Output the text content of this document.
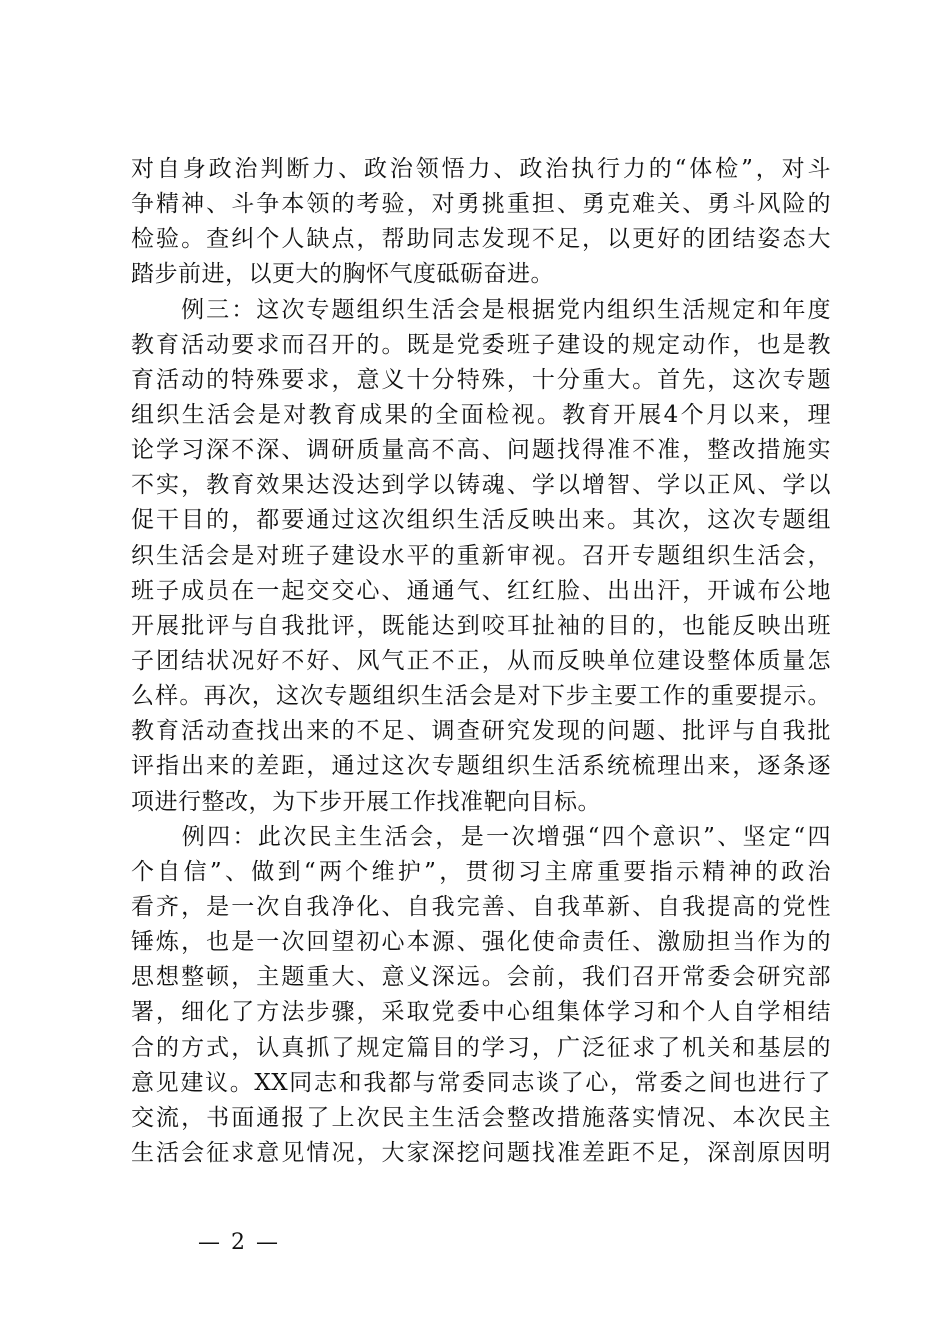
对自身政治判断力、政治领悟力、政治执行力的“体检”，对斗
争精神、斗争本领的考验，对勇挑重担、勇克难关、勇斗风险的
检验。查纠个人缺点，帮助同志发现不足，以更好的团结姿态大
踏步前进，以更大的胸怀气度砥砺奋进。
　　例三：这次专题组织生活会是根据党内组织生活规定和年度
教育活动要求而召开的。既是党委班子建设的规定动作，也是教
育活动的特殊要求，意义十分特殊，十分重大。首先，这次专题
组织生活会是对教育成果的全面检视。教育开展4个月以来，理
论学习深不深、调研质量高不高、问题找得准不准，整改措施实
不实，教育效果达没达到学以铸魂、学以增智、学以正风、学以
促干目的，都要通过这次组织生活反映出来。其次，这次专题组
织生活会是对班子建设水平的重新审视。召开专题组织生活会，
班子成员在一起交交心、通通气、红红脸、出出汗，开诚布公地
开展批评与自我批评，既能达到咬耳扯袖的目的，也能反映出班
子团结状况好不好、风气正不正，从而反映单位建设整体质量怎
么样。再次，这次专题组织生活会是对下步主要工作的重要提示。
教育活动查找出来的不足、调查研究发现的问题、批评与自我批
评指出来的差距，通过这次专题组织生活系统梳理出来，逐条逐
项进行整改，为下步开展工作找准靶向目标。
　　例四：此次民主生活会，是一次增强“四个意识”、坚定“四
个自信”、做到“两个维护”，贯彻习主席重要指示精神的政治
看齐，是一次自我净化、自我完善、自我革新、自我提高的党性
锤炼，也是一次回望初心本源、强化使命责任、激励担当作为的
思想整顿，主题重大、意义深远。会前，我们召开常委会研究部
署，细化了方法步骤，采取党委中心组集体学习和个人自学相结
合的方式，认真抓了规定篇目的学习，广泛征求了机关和基层的
意见建议。XX同志和我都与常委同志谈了心，常委之间也进行了
交流，书面通报了上次民主生活会整改措施落实情况、本次民主
生活会征求意见情况，大家深挖问题找准差距不足，深剖原因明
— 2 —
